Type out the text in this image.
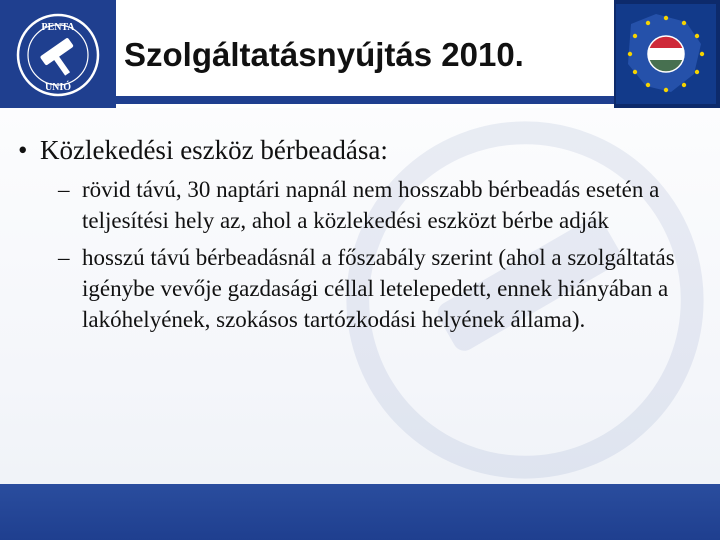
PENTA
UNIÓ
Szolgáltatásnyújtás 2010.
• Közlekedési eszköz bérbeadása:
– rövid távú, 30 naptári napnál nem hosszabb bérbeadás esetén a teljesítési hely az, ahol a közlekedési eszközt bérbe adják
– hosszú távú bérbeadásnál a főszabály szerint (ahol a szolgáltatás igénybe vevője gazdasági céllal letelepedett, ennek hiányában a lakóhelyének, szokásos tartózkodási helyének állama).
